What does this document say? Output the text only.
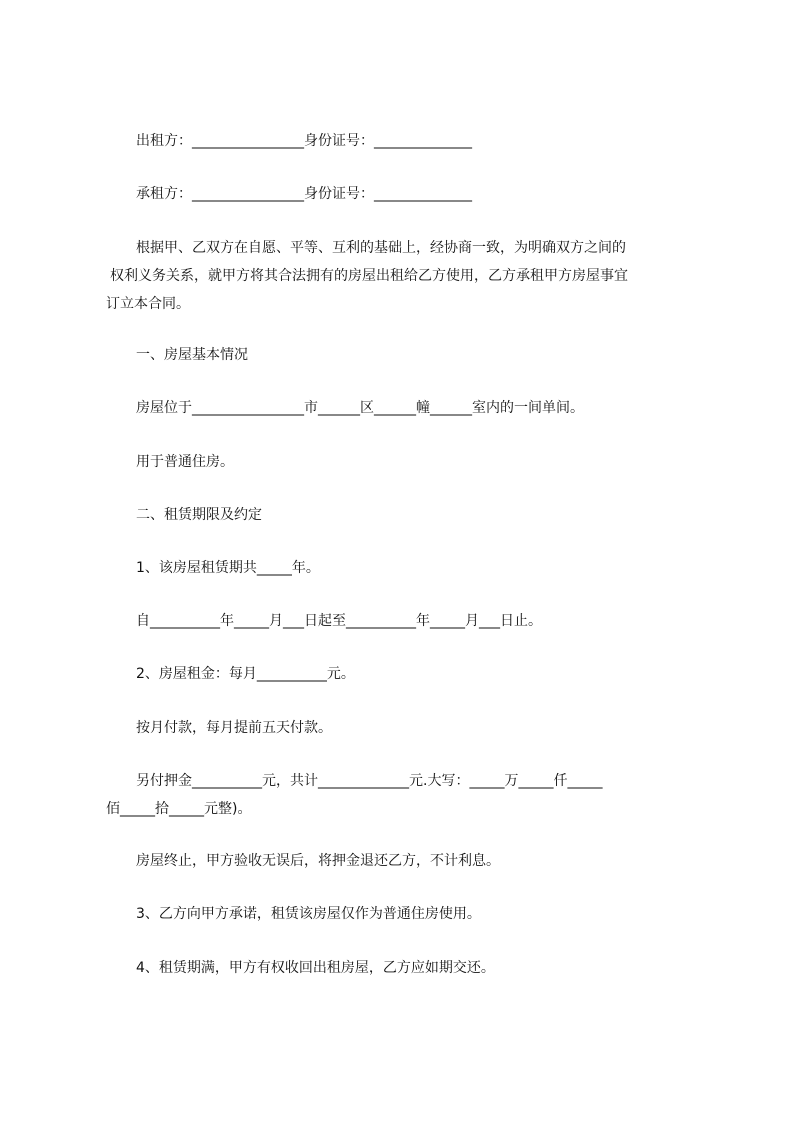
出租方：________________身份证号：______________
承租方：________________身份证号：______________
根据甲、乙双方在自愿、平等、互利的基础上，经协商一致，为明确双方之间的
权利义务关系，就甲方将其合法拥有的房屋出租给乙方使用，乙方承租甲方房屋事宜
订立本合同。
一、房屋基本情况
房屋位于________________市______区______幢______室内的一间单间。
用于普通住房。
二、租赁期限及约定
1、该房屋租赁期共_____年。
自__________年_____月___日起至__________年_____月___日止。
2、房屋租金：每月__________元。
按月付款，每月提前五天付款。
另付押金__________元，共计_____________元.大写：_____万_____仟_____
佰_____拾_____元整)。
房屋终止，甲方验收无误后，将押金退还乙方，不计利息。
3、乙方向甲方承诺，租赁该房屋仅作为普通住房使用。
4、租赁期满，甲方有权收回出租房屋，乙方应如期交还。
